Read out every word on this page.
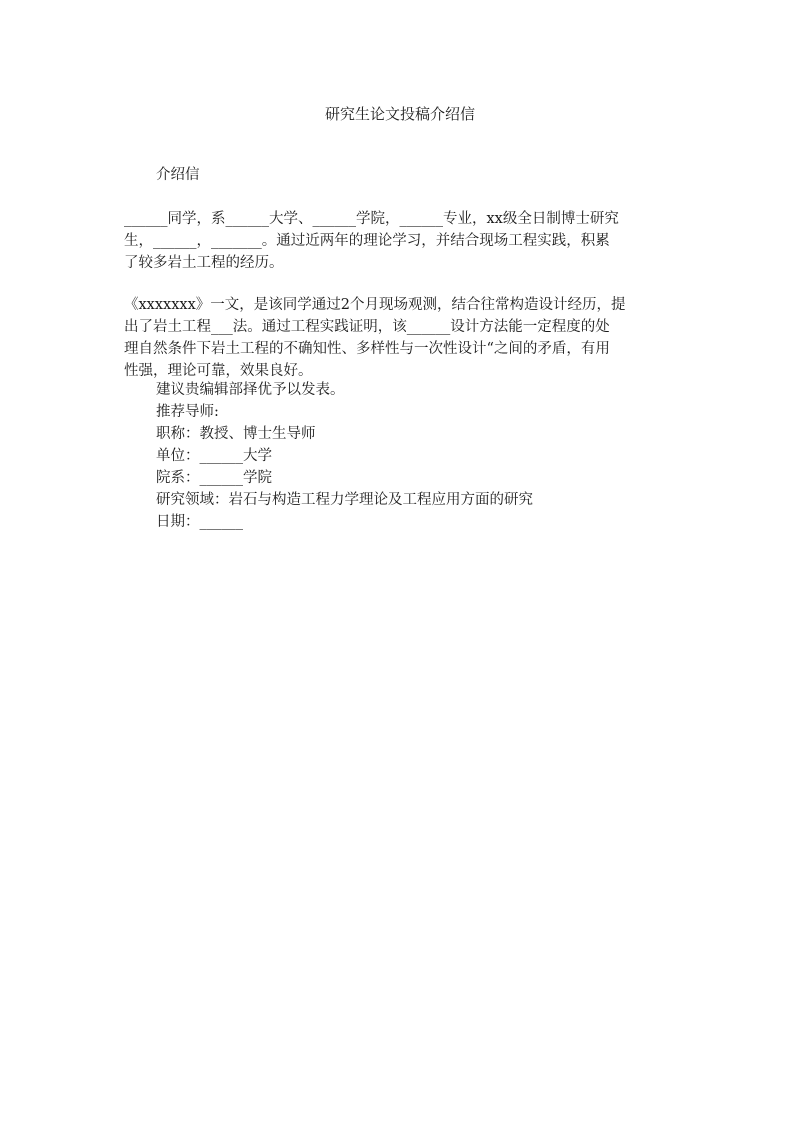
研究生论文投稿介绍信
介绍信
______同学，系______大学、______学院，______专业，xx级全日制博士研究
生，______，_______。通过近两年的理论学习，并结合现场工程实践，积累
了较多岩土工程的经历。
《xxxxxxx》一文，是该同学通过2个月现场观测，结合往常构造设计经历，提
出了岩土工程___法。通过工程实践证明，该______设计方法能一定程度的处
理自然条件下岩土工程的不确知性、多样性与一次性设计“之间的矛盾，有用
性强，理论可靠，效果良好。
建议贵编辑部择优予以发表。
推荐导师:
职称：教授、博士生导师
单位：______大学
院系：______学院
研究领域：岩石与构造工程力学理论及工程应用方面的研究
日期：______
